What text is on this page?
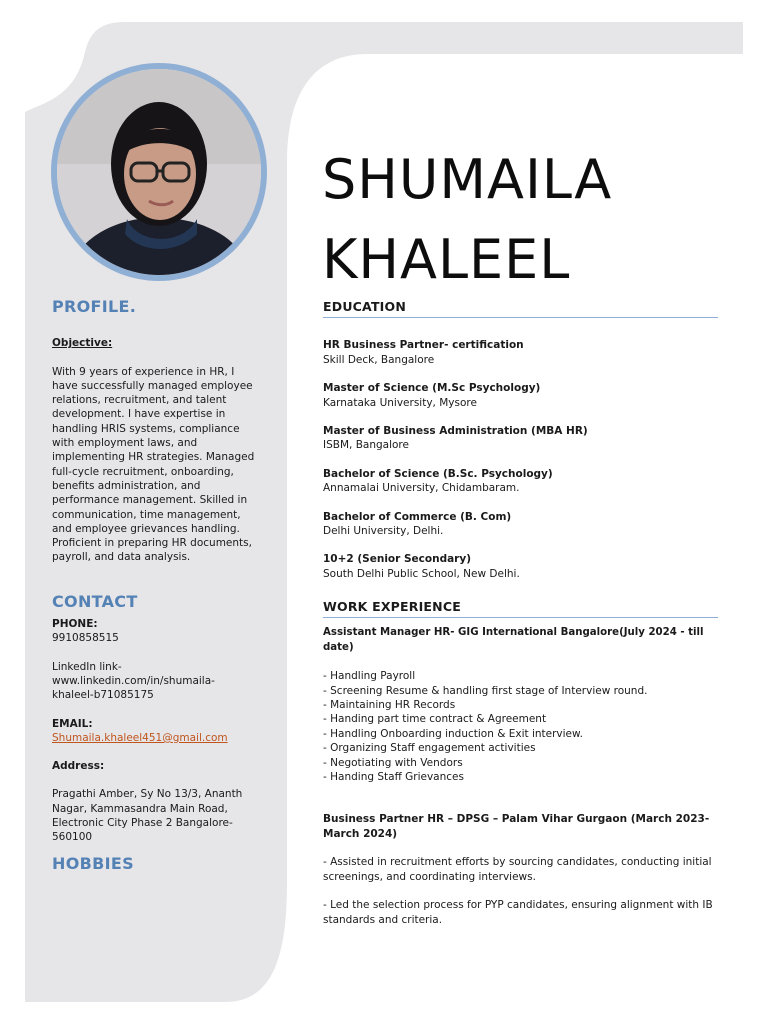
PROFILE.

Objective:

With 9 years of experience in HR, I have successfully managed employee relations, recruitment, and talent development. I have expertise in handling HRIS systems, compliance with employment laws, and implementing HR strategies. Managed full-cycle recruitment, onboarding, benefits administration, and performance management. Skilled in communication, time management, and employee grievances handling. Proficient in preparing HR documents, payroll, and data analysis.

CONTACT

PHONE:

9910858515

LinkedIn link-

www.linkedin.com/in/shumaila-khaleel-b71085175

EMAIL:

Shumaila.khaleel451@gmail.com

Address:

Pragathi Amber, Sy No 13/3, Ananth Nagar, Kammasandra Main Road, Electronic City Phase 2 Bangalore-560100

HOBBIES
SHUMAILA
KHALEEL
EDUCATION

HR Business Partner- certification

Skill Deck, Bangalore

Master of Science (M.Sc Psychology)

Karnataka University, Mysore

Master of Business Administration (MBA HR)

ISBM, Bangalore

Bachelor of Science (B.Sc. Psychology)

Annamalai University, Chidambaram.

Bachelor of Commerce (B. Com)

Delhi University, Delhi.

10+2 (Senior Secondary)

South Delhi Public School, New Delhi.

WORK EXPERIENCE

Assistant Manager HR- GIG International Bangalore(July 2024 - till date)

- Handling Payroll

- Screening Resume & handling first stage of Interview round.

- Maintaining HR Records

- Handing part time contract & Agreement

- Handling Onboarding induction & Exit interview.

- Organizing Staff engagement activities

- Negotiating with Vendors

- Handing Staff Grievances

Business Partner HR – DPSG – Palam Vihar Gurgaon (March 2023-March 2024)

- Assisted in recruitment efforts by sourcing candidates, conducting initial screenings, and coordinating interviews.

- Led the selection process for PYP candidates, ensuring alignment with IB standards and criteria.
